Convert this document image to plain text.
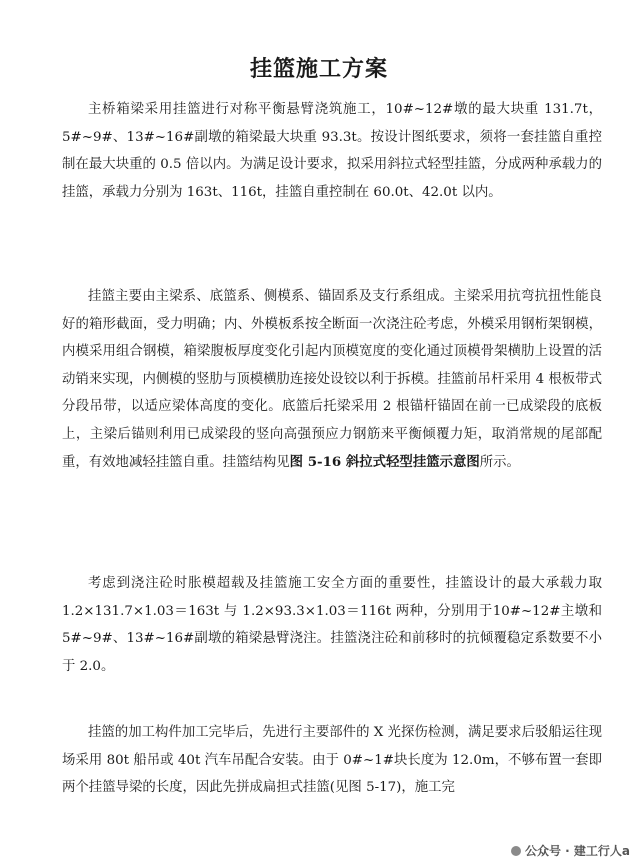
挂篮施工方案

主桥箱梁采用挂篮进行对称平衡悬臂浇筑施工，10#~12#墩的最大块重 131.7t，5#~9#、13#~16#副墩的箱梁最大块重 93.3t。按设计图纸要求，须将一套挂篮自重控制在最大块重的 0.5 倍以内。为满足设计要求，拟采用斜拉式轻型挂篮，分成两种承载力的挂篮，承载力分别为 163t、116t，挂篮自重控制在 60.0t、42.0t 以内。

挂篮主要由主梁系、底篮系、侧模系、锚固系及支行系组成。主梁采用抗弯抗扭性能良好的箱形截面，受力明确；内、外模板系按全断面一次浇注砼考虑，外模采用钢桁架钢模，内模采用组合钢模，箱梁腹板厚度变化引起内顶模宽度的变化通过顶模骨架横肋上设置的活动销来实现，内侧模的竖肋与顶模横肋连接处设铰以利于拆模。挂篮前吊杆采用 4 根板带式分段吊带，以适应梁体高度的变化。底篮后托梁采用 2 根锚杆锚固在前一已成梁段的底板上，主梁后锚则利用已成梁段的竖向高强预应力钢筋来平衡倾覆力矩，取消常规的尾部配重，有效地减轻挂篮自重。挂篮结构见图 5-16 斜拉式轻型挂篮示意图所示。

考虑到浇注砼时胀模超载及挂篮施工安全方面的重要性，挂篮设计的最大承载力取 1.2×131.7×1.03＝163t 与 1.2×93.3×1.03＝116t 两种，分别用于10#~12#主墩和 5#~9#、13#~16#副墩的箱梁悬臂浇注。挂篮浇注砼和前移时的抗倾覆稳定系数要不小于 2.0。

挂篮的加工构件加工完毕后，先进行主要部件的 X 光探伤检测，满足要求后驳船运往现场采用 80t 船吊或 40t 汽车吊配合安装。由于 0#~1#块长度为 12.0m，不够布置一套即两个挂篮导梁的长度，因此先拼成扁担式挂篮(见图 5-17)，施工完

公众号 · 建工行人a
